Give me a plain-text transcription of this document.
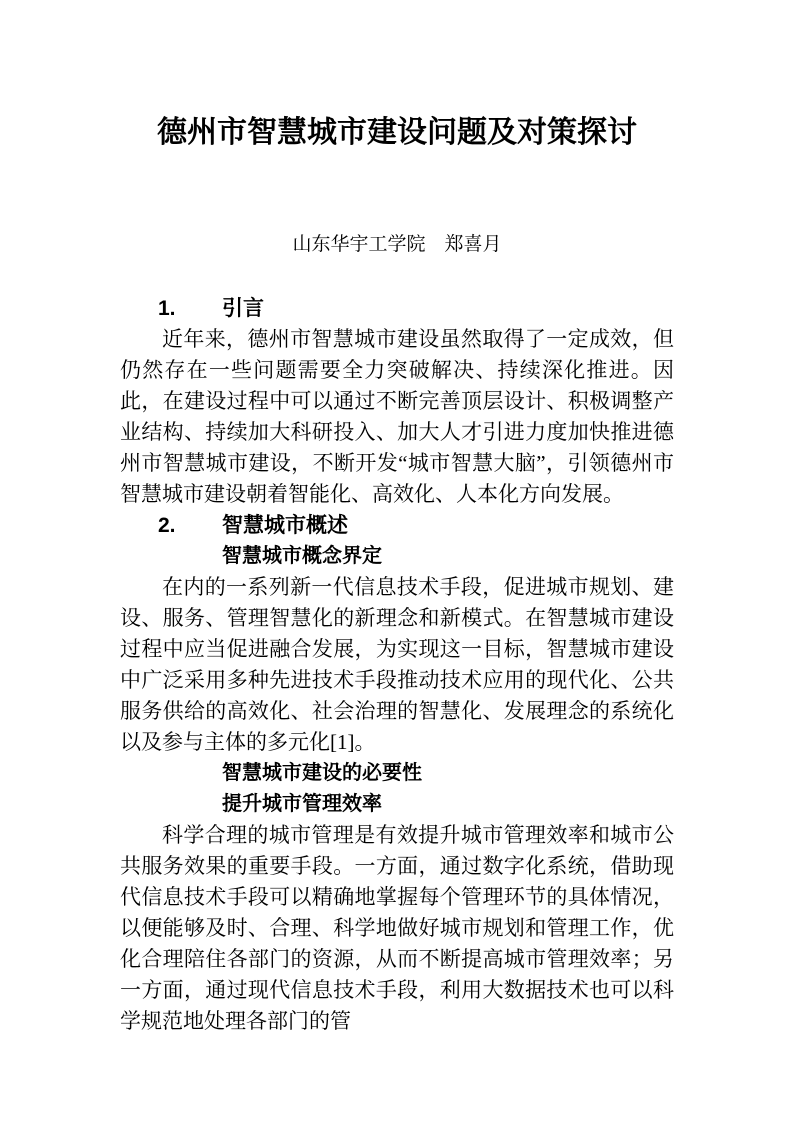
德州市智慧城市建设问题及对策探讨
山东华宇工学院　郑喜月
1.	引言

近年来，德州市智慧城市建设虽然取得了一定成效，但仍然存在一些问题需要全力突破解决、持续深化推进。因此，在建设过程中可以通过不断完善顶层设计、积极调整产业结构、持续加大科研投入、加大人才引进力度加快推进德州市智慧城市建设，不断开发“城市智慧大脑”，引领德州市智慧城市建设朝着智能化、高效化、人本化方向发展。

2.	智慧城市概述
智慧城市概念界定

在内的一系列新一代信息技术手段，促进城市规划、建设、服务、管理智慧化的新理念和新模式。在智慧城市建设过程中应当促进融合发展，为实现这一目标，智慧城市建设中广泛采用多种先进技术手段推动技术应用的现代化、公共服务供给的高效化、社会治理的智慧化、发展理念的系统化以及参与主体的多元化[1]。

智慧城市建设的必要性
提升城市管理效率

科学合理的城市管理是有效提升城市管理效率和城市公共服务效果的重要手段。一方面，通过数字化系统，借助现代信息技术手段可以精确地掌握每个管理环节的具体情况，以便能够及时、合理、科学地做好城市规划和管理工作，优化合理陪住各部门的资源，从而不断提高城市管理效率；另一方面，通过现代信息技术手段，利用大数据技术也可以科学规范地处理各部门的管
